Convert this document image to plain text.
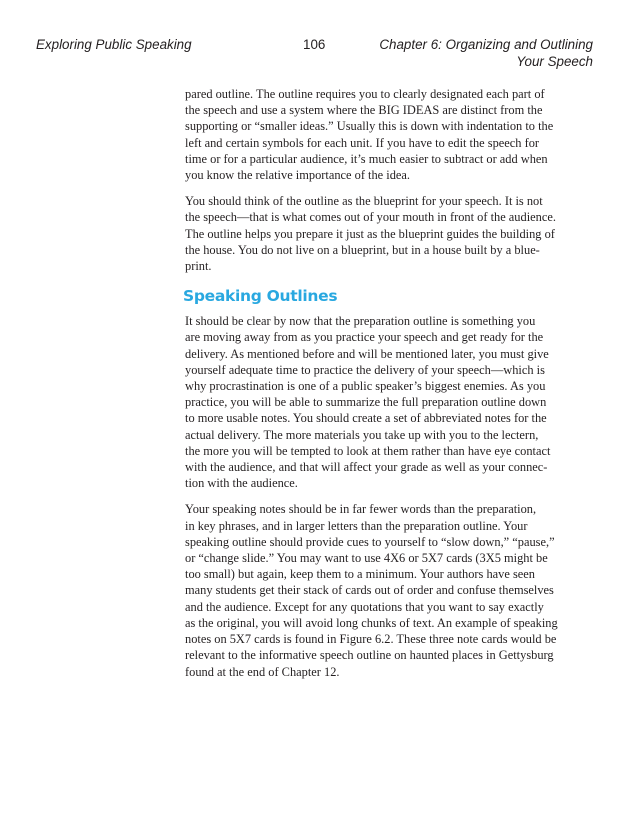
Exploring Public Speaking	106	Chapter 6: Organizing and Outlining
Your Speech
pared outline. The outline requires you to clearly designated each part of
the speech and use a system where the BIG IDEAS are distinct from the
supporting or “smaller ideas.” Usually this is down with indentation to the
left and certain symbols for each unit. If you have to edit the speech for
time or for a particular audience, it’s much easier to subtract or add when
you know the relative importance of the idea.
You should think of the outline as the blueprint for your speech. It is not
the speech—that is what comes out of your mouth in front of the audience.
The outline helps you prepare it just as the blueprint guides the building of
the house. You do not live on a blueprint, but in a house built by a blue-
print.
Speaking Outlines
It should be clear by now that the preparation outline is something you
are moving away from as you practice your speech and get ready for the
delivery. As mentioned before and will be mentioned later, you must give
yourself adequate time to practice the delivery of your speech—which is
why procrastination is one of a public speaker’s biggest enemies. As you
practice, you will be able to summarize the full preparation outline down
to more usable notes. You should create a set of abbreviated notes for the
actual delivery. The more materials you take up with you to the lectern,
the more you will be tempted to look at them rather than have eye contact
with the audience, and that will affect your grade as well as your connec-
tion with the audience.
Your speaking notes should be in far fewer words than the preparation,
in key phrases, and in larger letters than the preparation outline. Your
speaking outline should provide cues to yourself to “slow down,” “pause,”
or “change slide.” You may want to use 4X6 or 5X7 cards (3X5 might be
too small) but again, keep them to a minimum. Your authors have seen
many students get their stack of cards out of order and confuse themselves
and the audience. Except for any quotations that you want to say exactly
as the original, you will avoid long chunks of text. An example of speaking
notes on 5X7 cards is found in Figure 6.2. These three note cards would be
relevant to the informative speech outline on haunted places in Gettysburg
found at the end of Chapter 12.
